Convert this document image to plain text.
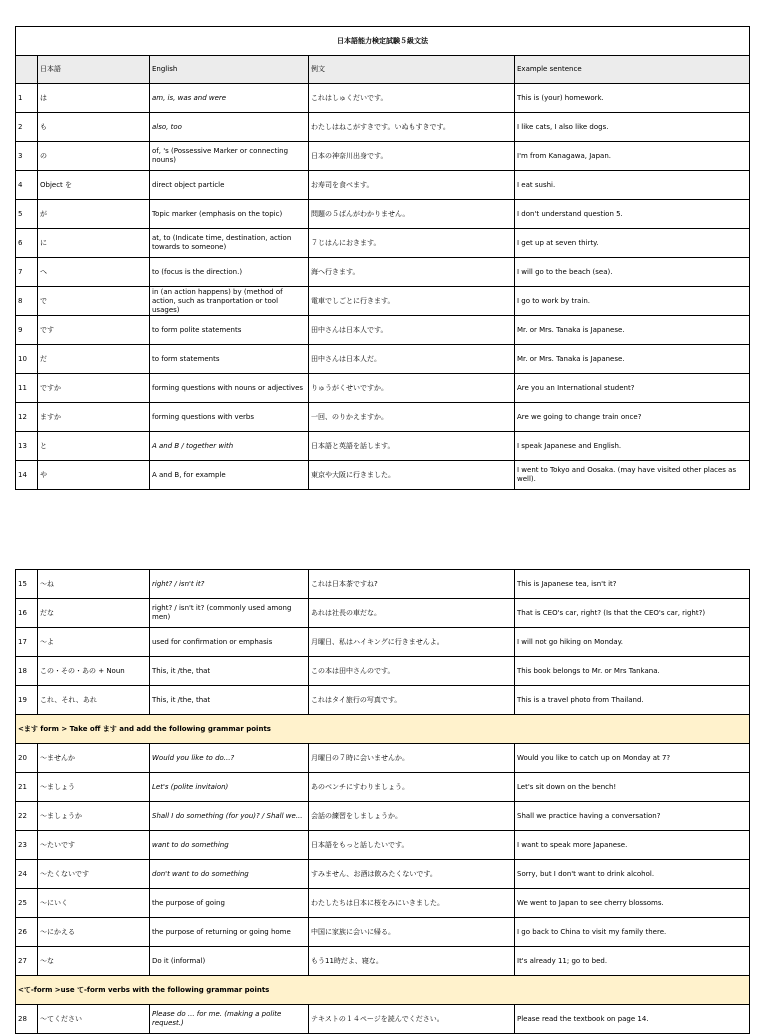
日本語能力検定試験５級文法				
	日本語	English	例文	Example sentence
1	は	am, is, was and were	これはしゅくだいです。	This is (your) homework.
2	も	also, too	わたしはねこがすきです。いぬもすきです。	I like cats, I also like dogs.
3	の	of, 's (Possessive Marker or connecting nouns)	日本の神奈川出身です。	I'm from Kanagawa, Japan.
4	Object を	direct object particle	お寿司を食べます。	I eat sushi.
5	が	Topic marker (emphasis on the topic)	問題の５ばんがわかりません。	I don't understand question 5.
6	に	at, to (Indicate time, destination, action towards to someone)	７じはんにおきます。	I get up at seven thirty.
7	へ	to (focus is the direction.)	海へ行きます。	I will go to the beach (sea).
8	で	in (an action happens) by (method of action, such as tranportation or tool usages)	電車でしごとに行きます。	I go to work by train.
9	です	to form polite statements	田中さんは日本人です。	Mr. or Mrs. Tanaka is Japanese.
10	だ	to form statements	田中さんは日本人だ。	Mr. or Mrs. Tanaka is Japanese.
11	ですか	forming questions with nouns or adjectives	りゅうがくせいですか。	Are you an International student?
12	ますか	forming questions with verbs	一回、のりかえますか。	Are we going to change train once?
13	と	A and B / together with	日本語と英語を話します。	I speak Japanese and English.
14	や	A and B, for example	東京や大阪に行きました。	I went to Tokyo and Oosaka. (may have visited other places as well).
15	～ね	right? / isn't it?	これは日本茶ですね?	This is Japanese tea, isn't it?
16	だな	right? / isn't it? (commonly used among men)	あれは社長の車だな。	That is CEO's car, right? (Is that the CEO's car, right?)
17	～よ	used for confirmation or emphasis	月曜日、私はハイキングに行きませんよ。	I will not go hiking on Monday.
18	この・その・あの + Noun	This, it /the, that	この本は田中さんのです。	This book belongs to Mr. or Mrs Tankana.
19	これ、それ、あれ	This, it /the, that	これはタイ旅行の写真です。	This is a travel photo from Thailand.
<ます form > Take off ます and add the following grammar points				
20	～ませんか	Would you like to do...?	月曜日の７時に会いませんか。	Would you like to catch up on Monday at 7?
21	～ましょう	Let's (polite invitaion)	あのベンチにすわりましょう。	Let's sit down on the bench!
22	～ましょうか	Shall I do something (for you)? / Shall we...	会話の練習をしましょうか。	Shall we practice having a conversation?
23	～たいです	want to do something	日本語をもっと話したいです。	I want to speak more Japanese.
24	～たくないです	don't want to do something	すみません、お酒は飲みたくないです。	Sorry, but I don't want to drink alcohol.
25	～にいく	the purpose of going	わたしたちは日本に桜をみにいきました。	We went to Japan to see cherry blossoms.
26	～にかえる	the purpose of returning or going home	中国に家族に会いに帰る。	I go back to China to visit my family there.
27	～な	Do it (informal)	もう11時だよ、寝な。	It's already 11; go to bed.
<て-form >use て-form verbs with the following grammar points				
28	～てください	Please do ... for me. (making a polite request.)	テキストの１４ページを読んでください。	Please read the textbook on page 14.
